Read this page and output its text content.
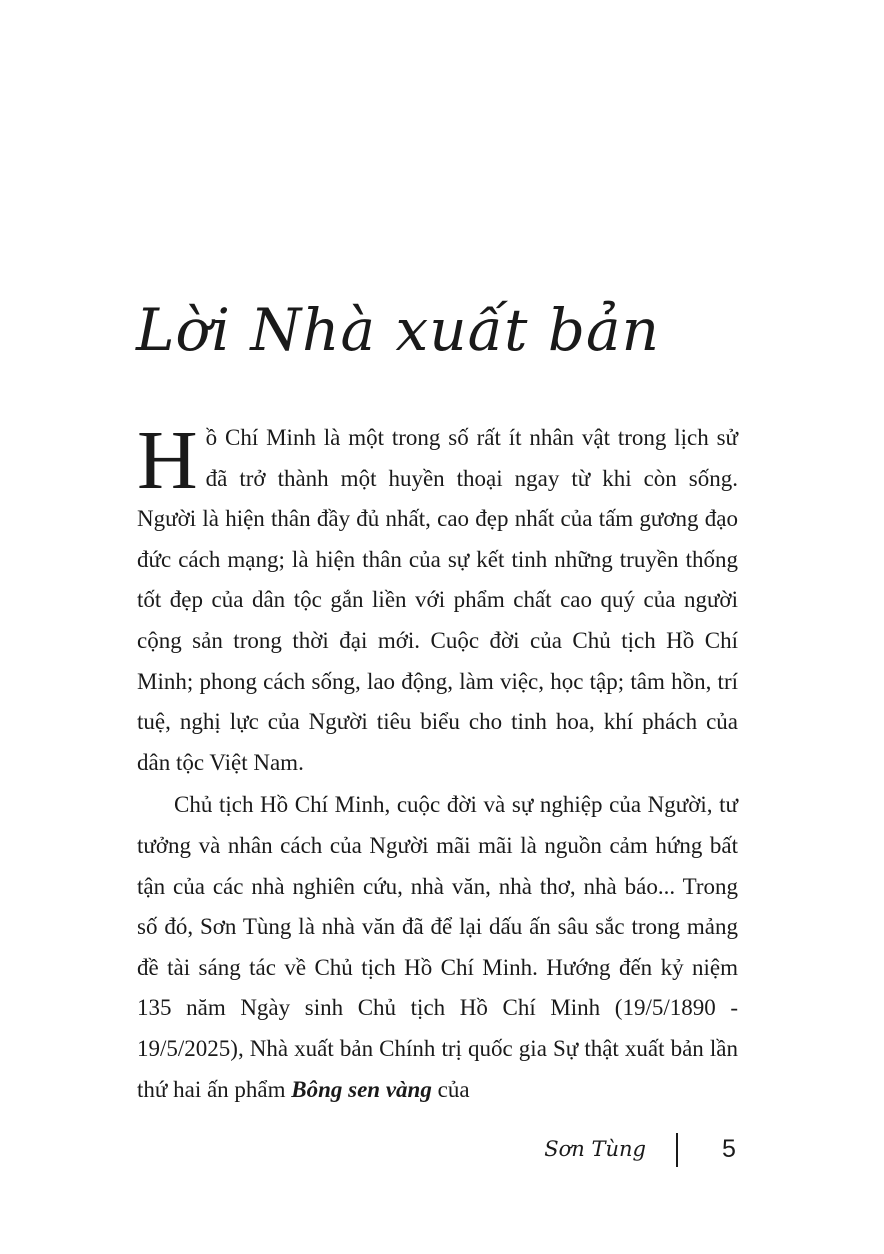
Lời Nhà xuất bản

Hồ Chí Minh là một trong số rất ít nhân vật trong lịch sử đã trở thành một huyền thoại ngay từ khi còn sống. Người là hiện thân đầy đủ nhất, cao đẹp nhất của tấm gương đạo đức cách mạng; là hiện thân của sự kết tinh những truyền thống tốt đẹp của dân tộc gắn liền với phẩm chất cao quý của người cộng sản trong thời đại mới. Cuộc đời của Chủ tịch Hồ Chí Minh; phong cách sống, lao động, làm việc, học tập; tâm hồn, trí tuệ, nghị lực của Người tiêu biểu cho tinh hoa, khí phách của dân tộc Việt Nam.

Chủ tịch Hồ Chí Minh, cuộc đời và sự nghiệp của Người, tư tưởng và nhân cách của Người mãi mãi là nguồn cảm hứng bất tận của các nhà nghiên cứu, nhà văn, nhà thơ, nhà báo... Trong số đó, Sơn Tùng là nhà văn đã để lại dấu ấn sâu sắc trong mảng đề tài sáng tác về Chủ tịch Hồ Chí Minh. Hướng đến kỷ niệm 135 năm Ngày sinh Chủ tịch Hồ Chí Minh (19/5/1890 - 19/5/2025), Nhà xuất bản Chính trị quốc gia Sự thật xuất bản lần thứ hai ấn phẩm Bông sen vàng của

Sơn Tùng	5
